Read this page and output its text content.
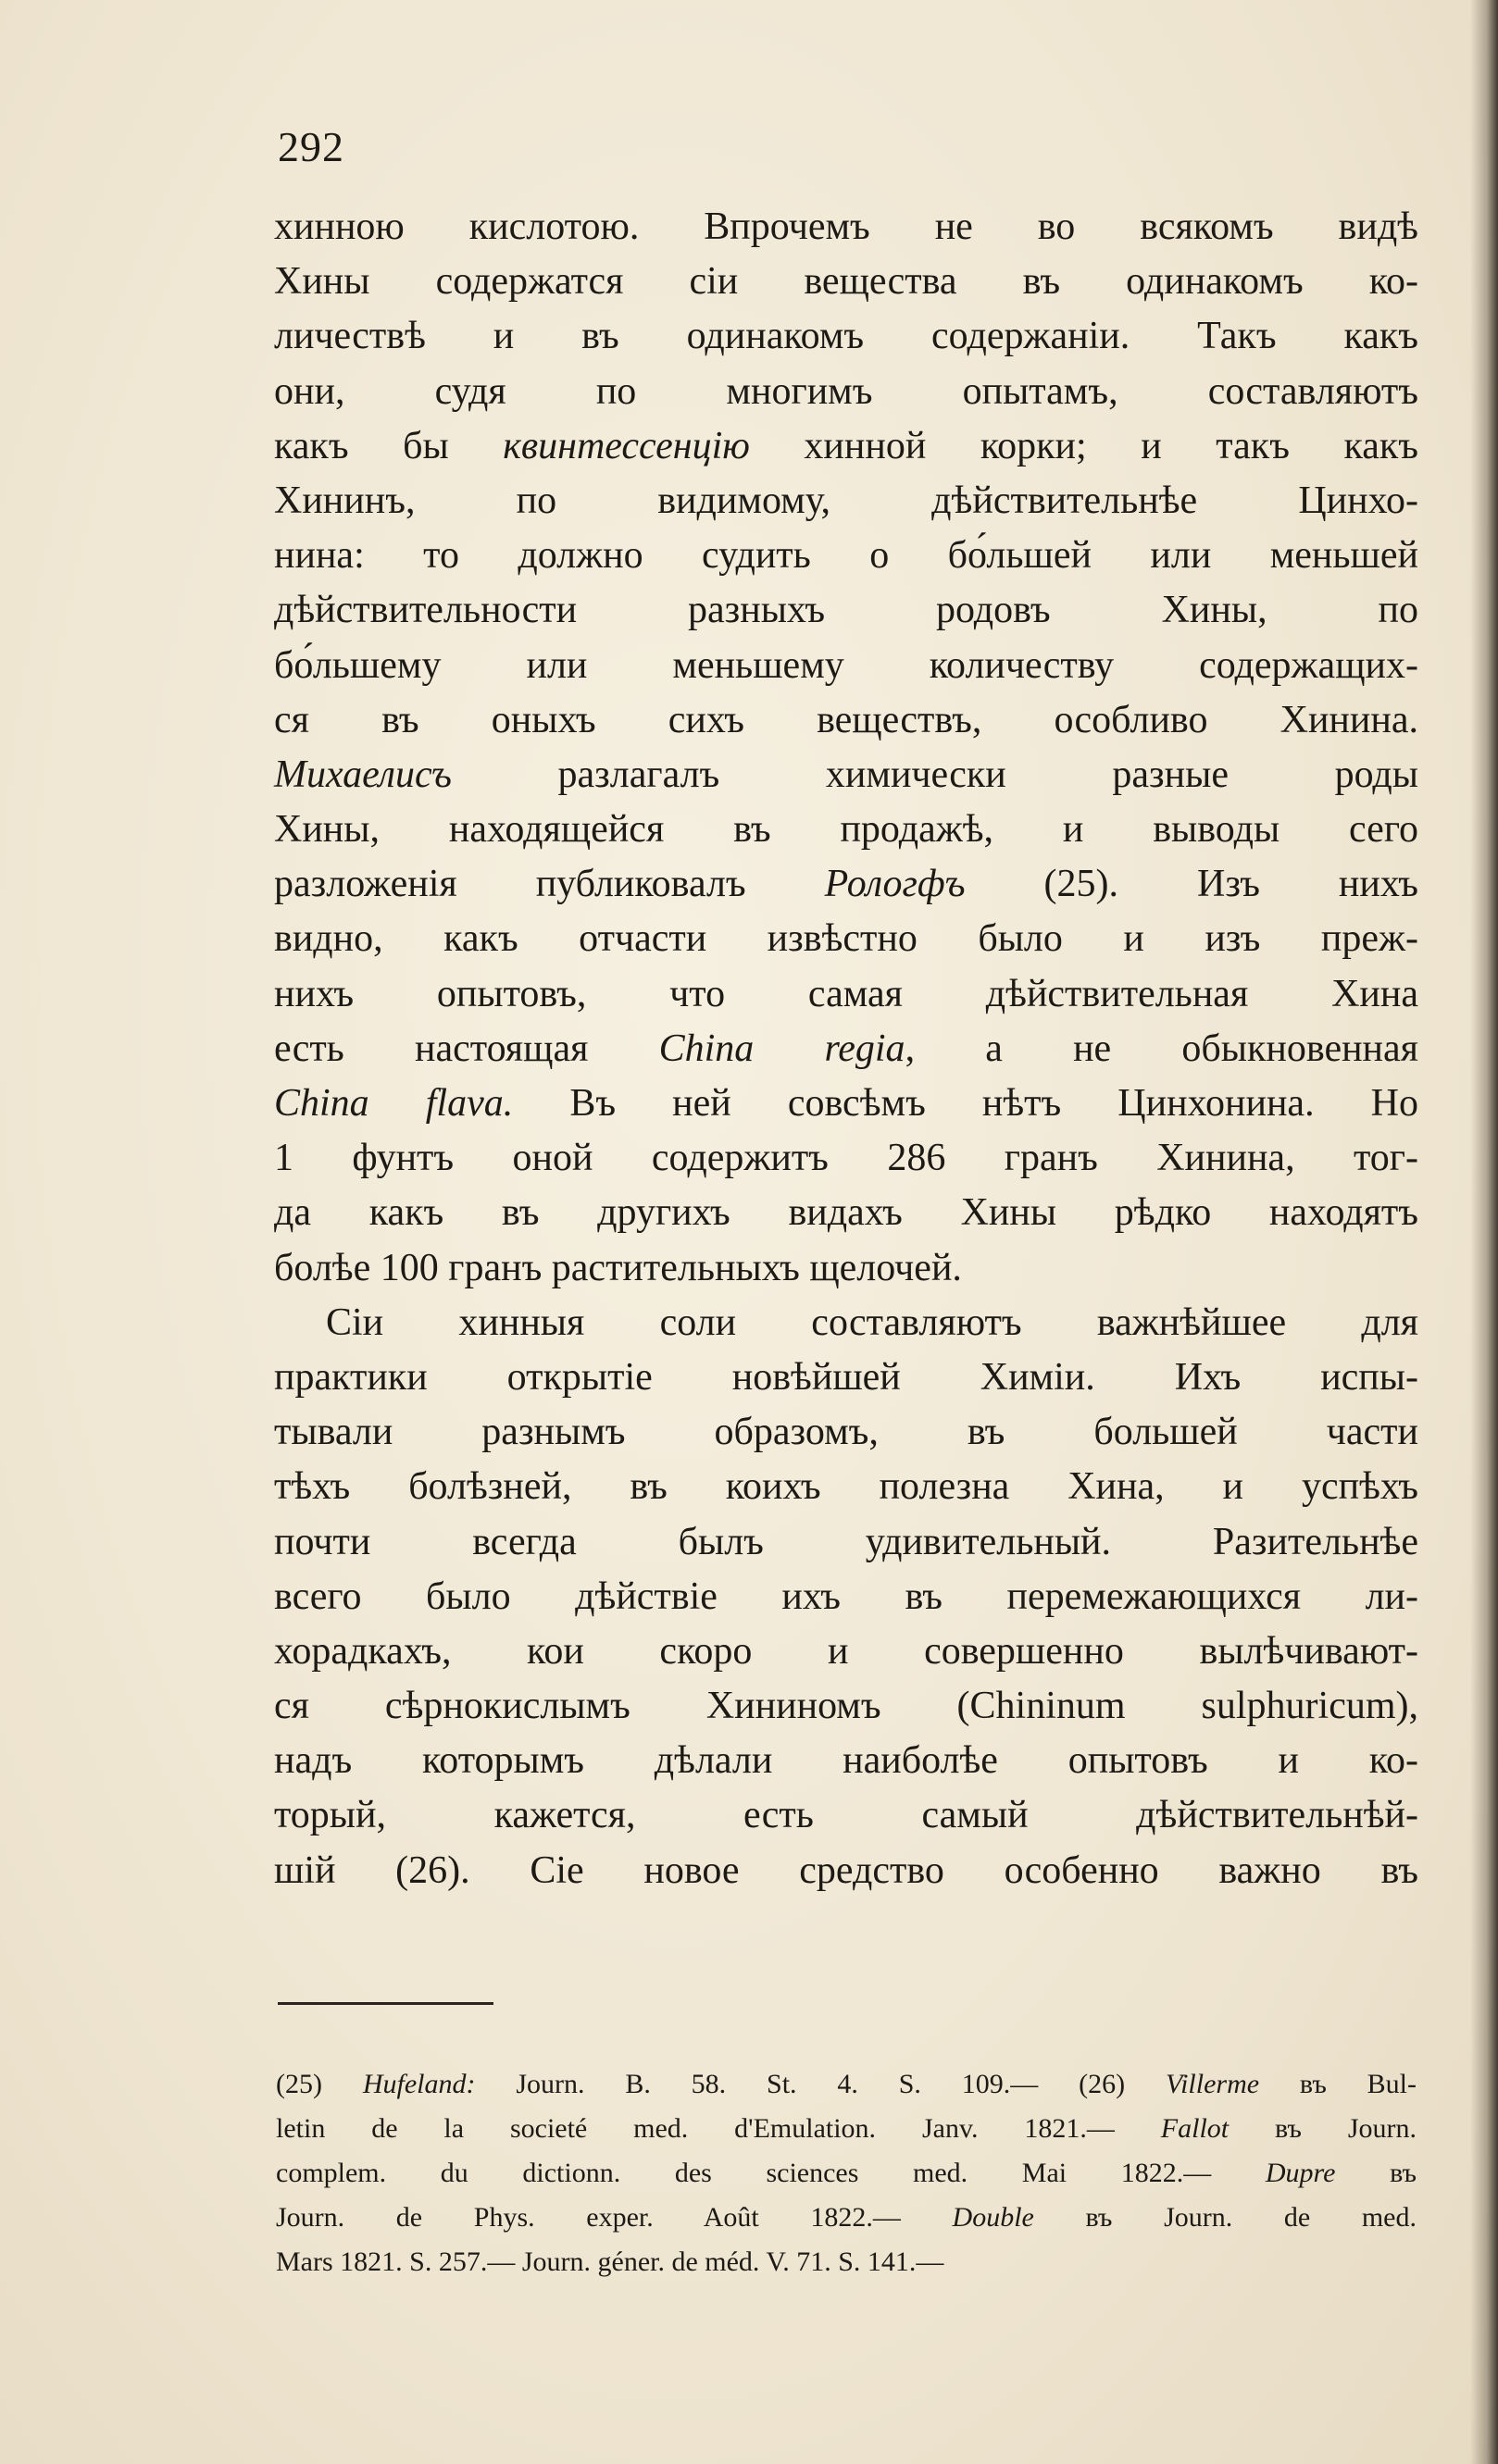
292
хинною кислотою. Впрочемъ не во всякомъ видѣ
Хины содержатся сіи вещества въ одинакомъ ко-
личествѣ и въ одинакомъ содержаніи. Такъ какъ
они, судя по многимъ опытамъ, составляютъ
какъ бы квинтессенцію хинной корки; и такъ какъ
Хининъ, по видимому, дѣйствительнѣе Цинхо-
нина: то должно судить о бо́льшей или меньшей
дѣйствительности разныхъ родовъ Хины, по
бо́льшему или меньшему количеству содержащих-
ся въ оныхъ сихъ веществъ, особливо Хинина.
Михаелисъ разлагалъ химически разные роды
Хины, находящейся въ продажѣ, и выводы сего
разложенія публиковалъ Рологфъ (25). Изъ нихъ
видно, какъ отчасти извѣстно было и изъ преж-
нихъ опытовъ, что самая дѣйствительная Хина
есть настоящая China regia, а не обыкновенная
China flava. Въ ней совсѣмъ нѣтъ Цинхонина. Но
1 фунтъ оной содержитъ 286 гранъ Хинина, тог-
да какъ въ другихъ видахъ Хины рѣдко находятъ
болѣе 100 гранъ растительныхъ щелочей.
Сіи хинныя соли составляютъ важнѣйшее для
практики открытіе новѣйшей Химіи. Ихъ испы-
тывали разнымъ образомъ, въ большей части
тѣхъ болѣзней, въ коихъ полезна Хина, и успѣхъ
почти всегда былъ удивительный. Разительнѣе
всего было дѣйствіе ихъ въ перемежающихся ли-
хорадкахъ, кои скоро и совершенно вылѣчивают-
ся сѣрнокислымъ Хининомъ (Chininum sulphuricum),
надъ которымъ дѣлали наиболѣе опытовъ и ко-
торый, кажется, есть самый дѣйствительнѣй-
шій (26). Сіе новое средство особенно важно въ
(25) Hufeland: Journ. B. 58. St. 4. S. 109.— (26) Villerme въ Bul-
letin de la societé med. d'Emulation. Janv. 1821.— Fallot въ Journ.
complem. du dictionn. des sciences med. Mai 1822.— Dupre въ
Journ. de Phys. exper. Août 1822.— Double въ Journ. de med.
Mars 1821. S. 257.— Journ. géner. de méd. V. 71. S. 141.—
